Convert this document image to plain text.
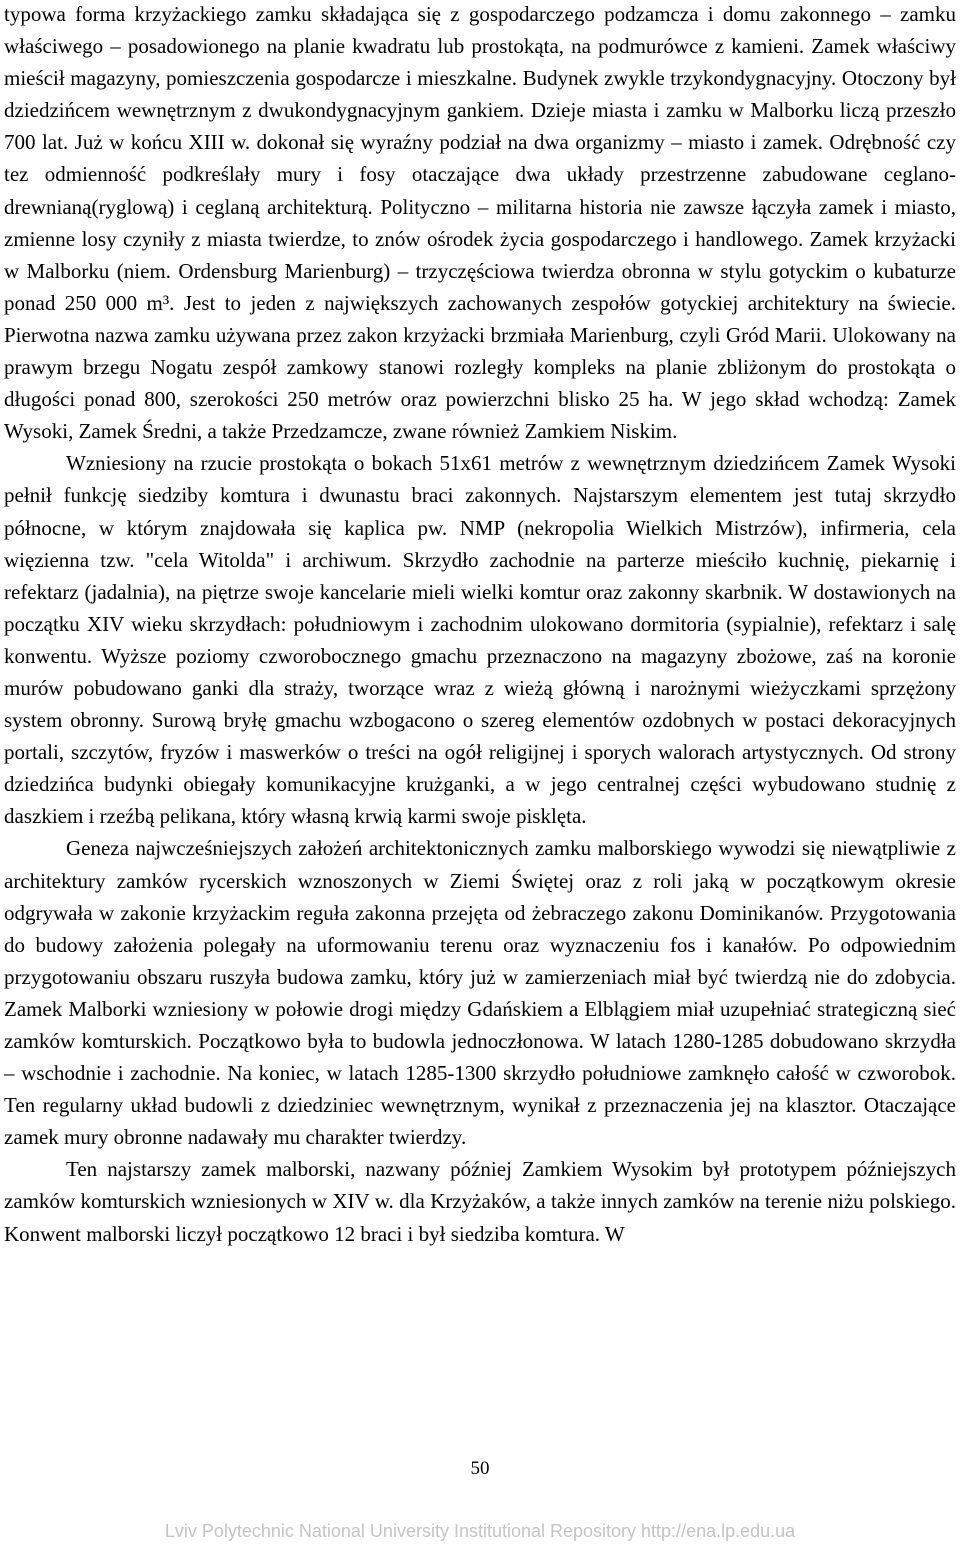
typowa forma krzyżackiego zamku składająca się z gospodarczego podzamcza i domu zakonnego – zamku właściwego – posadowionego na planie kwadratu lub prostokąta, na podmurówce z kamieni. Zamek właściwy mieścił magazyny, pomieszczenia gospodarcze i mieszkalne. Budynek zwykle trzykondygnacyjny. Otoczony był dziedzińcem wewnętrznym z dwukondygnacyjnym gankiem. Dzieje miasta i zamku w Malborku liczą przeszło 700 lat. Już w końcu XIII w. dokonał się wyraźny podział na dwa organizmy – miasto i zamek. Odrębność czy tez odmienność podkreślały mury i fosy otaczające dwa układy przestrzenne zabudowane ceglano- drewnianą(ryglową) i ceglaną architekturą. Polityczno – militarna historia nie zawsze łączyła zamek i miasto, zmienne losy czyniły z miasta twierdze, to znów ośrodek życia gospodarczego i handlowego. Zamek krzyżacki w Malborku (niem. Ordensburg Marienburg) – trzyczęściowa twierdza obronna w stylu gotyckim o kubaturze ponad 250 000 m³. Jest to jeden z największych zachowanych zespołów gotyckiej architektury na świecie. Pierwotna nazwa zamku używana przez zakon krzyżacki brzmiała Marienburg, czyli Gród Marii. Ulokowany na prawym brzegu Nogatu zespół zamkowy stanowi rozległy kompleks na planie zbliżonym do prostokąta o długości ponad 800, szerokości 250 metrów oraz powierzchni blisko 25 ha. W jego skład wchodzą: Zamek Wysoki, Zamek Średni, a także Przedzamcze, zwane również Zamkiem Niskim.

Wzniesiony na rzucie prostokąta o bokach 51x61 metrów z wewnętrznym dziedzińcem Zamek Wysoki pełnił funkcję siedziby komtura i dwunastu braci zakonnych. Najstarszym elementem jest tutaj skrzydło północne, w którym znajdowała się kaplica pw. NMP (nekropolia Wielkich Mistrzów), infirmeria, cela więzienna tzw. "cela Witolda" i archiwum. Skrzydło zachodnie na parterze mieściło kuchnię, piekarnię i refektarz (jadalnia), na piętrze swoje kancelarie mieli wielki komtur oraz zakonny skarbnik. W dostawionych na początku XIV wieku skrzydłach: południowym i zachodnim ulokowano dormitoria (sypialnie), refektarz i salę konwentu. Wyższe poziomy czworobocznego gmachu przeznaczono na magazyny zbożowe, zaś na koronie murów pobudowano ganki dla straży, tworzące wraz z wieżą główną i narożnymi wieżyczkami sprzężony system obronny. Surową bryłę gmachu wzbogacono o szereg elementów ozdobnych w postaci dekoracyjnych portali, szczytów, fryzów i maswerków o treści na ogół religijnej i sporych walorach artystycznych. Od strony dziedzińca budynki obiegały komunikacyjne krużganki, a w jego centralnej części wybudowano studnię z daszkiem i rzeźbą pelikana, który własną krwią karmi swoje pisklęta.

Geneza najwcześniejszych założeń architektonicznych zamku malborskiego wywodzi się niewątpliwie z architektury zamków rycerskich wznoszonych w Ziemi Świętej oraz z roli jaką w początkowym okresie odgrywała w zakonie krzyżackim reguła zakonna przejęta od żebraczego zakonu Dominikanów. Przygotowania do budowy założenia polegały na uformowaniu terenu oraz wyznaczeniu fos i kanałów. Po odpowiednim przygotowaniu obszaru ruszyła budowa zamku, który już w zamierzeniach miał być twierdzą nie do zdobycia. Zamek Malborki wzniesiony w połowie drogi między Gdańskiem a Elblągiem miał uzupełniać strategiczną sieć zamków komturskich. Początkowo była to budowla jednoczłonowa. W latach 1280-1285 dobudowano skrzydła – wschodnie i zachodnie. Na koniec, w latach 1285-1300 skrzydło południowe zamknęło całość w czworobok. Ten regularny układ budowli z dziedziniec wewnętrznym, wynikał z przeznaczenia jej na klasztor. Otaczające zamek mury obronne nadawały mu charakter twierdzy.

Ten najstarszy zamek malborski, nazwany później Zamkiem Wysokim był prototypem późniejszych zamków komturskich wzniesionych w XIV w. dla Krzyżaków, a także innych zamków na terenie niżu polskiego. Konwent malborski liczył początkowo 12 braci i był siedziba komtura. W

50
Lviv Polytechnic National University Institutional Repository http://ena.lp.edu.ua
